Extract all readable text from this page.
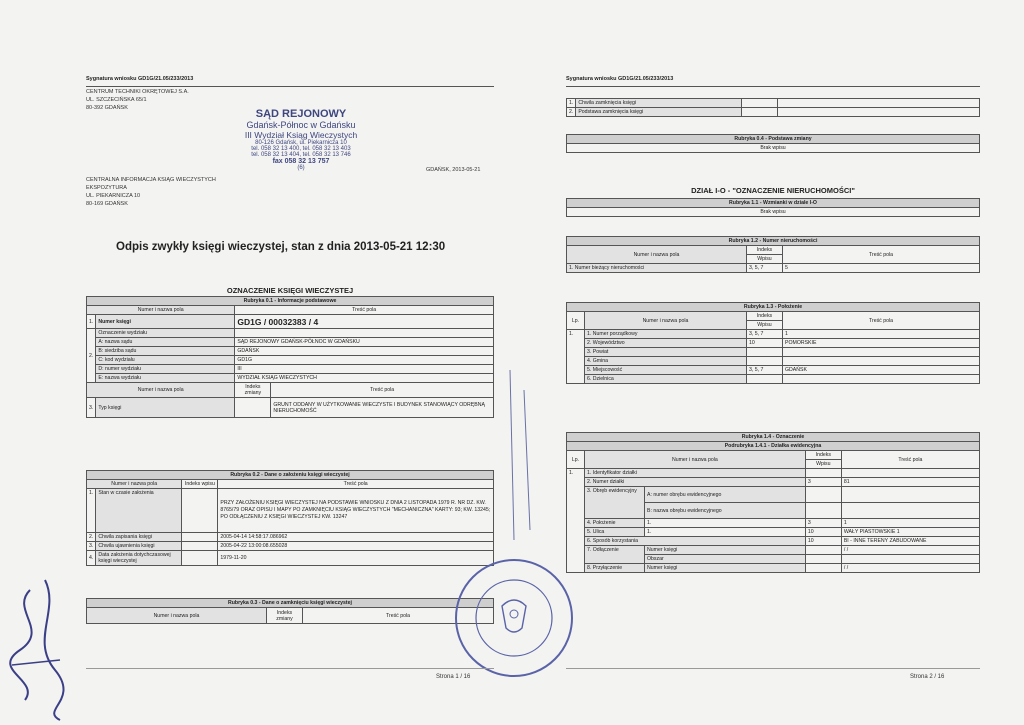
Sygnatura wniosku GD1G/21.05/233/2013
CENTRUM TECHNIKI OKRĘTOWEJ S.A.
UL. SZCZECIŃSKA 65/1
80-392 GDAŃSK
CENTRALNA INFORMACJA KSIĄG WIECZYSTYCH
EKSPOZYTURA
UL. PIEKARNICZA 10
80-169 GDAŃSK
GDAŃSK, 2013-05-21
SĄD REJONOWY
Gdańsk-Północ w Gdańsku
III Wydział Ksiąg Wieczystych
80-126 Gdańsk, ul. Piekarnicza 10
tel. 058 32 13 400, tel. 058 32 13 403
tel. 058 32 13 404, tel. 058 32 13 746
fax 058 32 13 757
(6)
Odpis zwykły księgi wieczystej, stan z dnia 2013-05-21 12:30
OZNACZENIE KSIĘGI WIECZYSTEJ
Rubryka 0.1 - Informacje podstawowe			
Numer i nazwa pola		Treść pola	
1.	Numer księgi	GD1G / 00032383 / 4	
2.	Oznaczenie wydziału		
	A: nazwa sądu	SĄD REJONOWY GDAŃSK-PÓŁNOC W GDAŃSKU	
	B: siedziba sądu	GDAŃSK	
	C: kod wydziału	GD1G	
	D: numer wydziału	III	
	E: nazwa wydziału	WYDZIAŁ KSIĄG WIECZYSTYCH	
Numer i nazwa pola		Indeks zmiany	Treść pola
3.	Typ księgi		GRUNT ODDANY W UŻYTKOWANIE WIECZYSTE I BUDYNEK STANOWIĄCY ODRĘBNĄ NIERUCHOMOŚĆ
Rubryka 0.2 - Dane o założeniu księgi wieczystej			
Numer i nazwa pola		Indeks wpisu	Treść pola
1.	Stan w czasie założenia		PRZY ZAŁOŻENIU KSIĘGI WIECZYSTEJ NA PODSTAWIE WNIOSKU Z DNIA 2 LISTOPADA 1979 R. NR DZ. KW. 8765/79 ORAZ OPISU I MAPY PO ZAMKNIĘCIU KSIĄG WIECZYSTYCH "MECHANICZNA" KARTY: 93; KW. 13245; PO ODŁĄCZENIU Z KSIĘGI WIECZYSTEJ KW. 13247
2.	Chwila zapisania księgi		2005-04-14 14:58:17.086962
3.	Chwila ujawnienia księgi		2005-04-22 13:00:08.655028
4.	Data założenia dotychczasowej księgi wieczystej		1979-11-20
Rubryka 0.3 - Dane o zamknięciu księgi wieczystej
Numer i nazwa pola	Indeks zmiany	Treść pola
Strona 1 / 16
Sygnatura wniosku GD1G/21.05/233/2013
1.	Chwila zamknięcia księgi		
2.	Podstawa zamknięcia księgi		
Rubryka 0.4 - Podstawa zmiany
Brak wpisu
DZIAŁ I-O - "OZNACZENIE NIERUCHOMOŚCI"
Rubryka 1.1 - Wzmianki w dziale I-O
Brak wpisu
Rubryka 1.2 - Numer nieruchomości		
Numer i nazwa pola	Indeks	Treść pola
	Wpisu	
1. Numer bieżący nieruchomości	3, 5, 7	5
Rubryka 1.3 - Położenie			
Lp.	Numer i nazwa pola	Indeks	Treść pola
		Wpisu	
1.	1. Numer porządkowy	3, 5, 7	1
	2. Województwo	10	POMORSKIE
	3. Powiat		
	4. Gmina		
	5. Miejscowość	3, 5, 7	GDAŃSK
	6. Dzielnica		
Rubryka 1.4 - Oznaczenie				
Podrubryka 1.4.1 - Działka ewidencyjna				
Lp.	Numer i nazwa pola		Indeks	Treść pola
			Wpisu	
1.	1. Identyfikator działki			
	2. Numer działki		3	81
	3. Obręb ewidencyjny	A: numer obrębu ewidencyjnego		
		B: nazwa obrębu ewidencyjnego		
	4. Położenie	1.	3	1
	5. Ulica	1.	10	WAŁY PIASTOWSKIE 1
	6. Sposób korzystania		10	BI - INNE TERENY ZABUDOWANE
	7. Odłączenie	Numer księgi		/ /
		Obszar		
	8. Przyłączenie	Numer księgi		/ /
Strona 2 / 16
